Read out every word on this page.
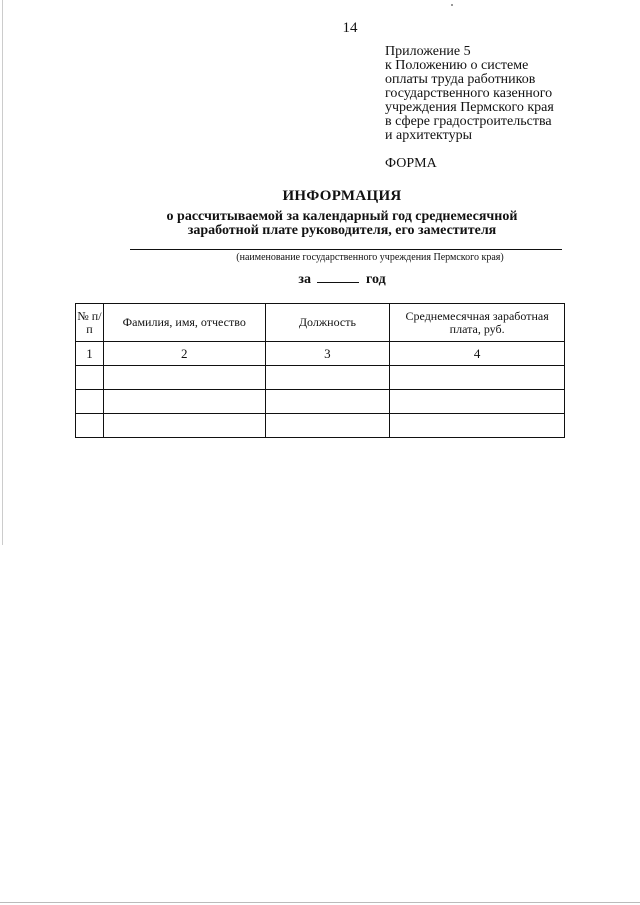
14
Приложение 5
к Положению о системе
оплаты труда работников
государственного казенного
учреждения Пермского края
в сфере градостроительства
и архитектуры
ФОРМА
ИНФОРМАЦИЯ
о рассчитываемой за календарный год среднемесячной
заработной плате руководителя, его заместителя
(наименование государственного учреждения Пермского края)
за	год
№ п/п	Фамилия, имя, отчество	Должность	Среднемесячная заработная
плата, руб.

1	2	3	4
